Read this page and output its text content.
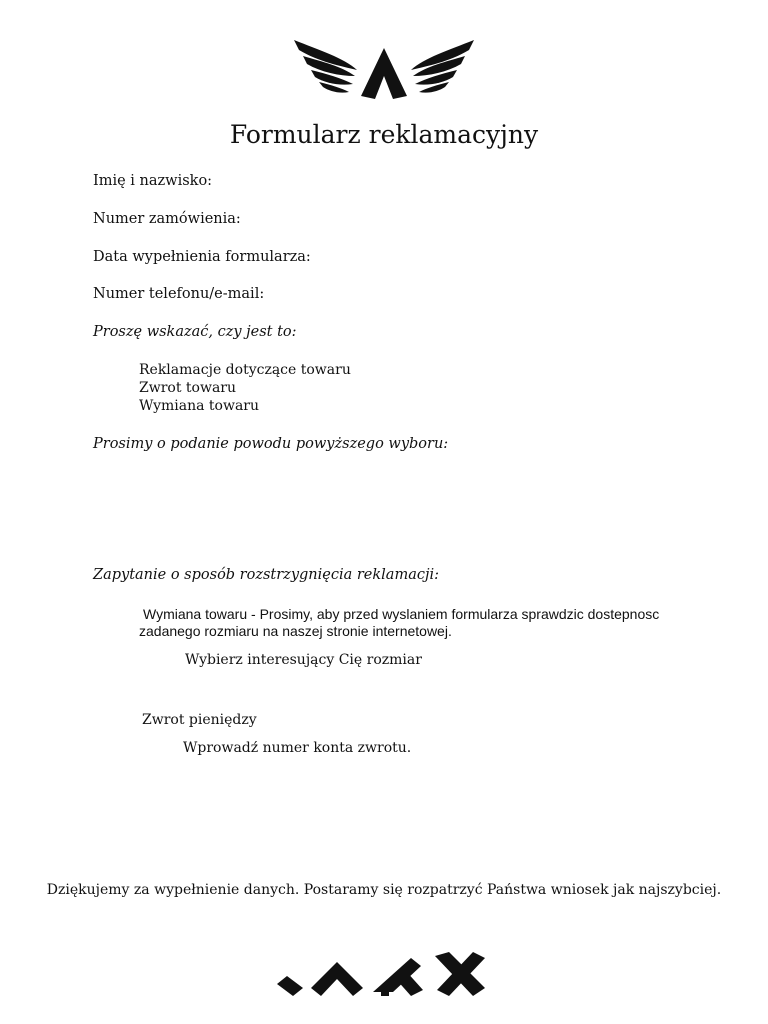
Formularz reklamacyjny
Imię i nazwisko:
Numer zamówienia:
Data wypełnienia formularza:
Numer telefonu/e-mail:
Proszę wskazać, czy jest to:
Reklamacje dotyczące towaru
Zwrot towaru
Wymiana towaru
Prosimy o podanie powodu powyższego wyboru:
Zapytanie o sposób rozstrzygnięcia reklamacji:
Wymiana towaru - Prosimy, aby przed wyslaniem formularza sprawdzic dostepnosc
zadanego rozmiaru na naszej stronie internetowej.
Wybierz interesujący Cię rozmiar
Zwrot pieniędzy
Wprowadź numer konta zwrotu.
Dziękujemy za wypełnienie danych. Postaramy się rozpatrzyć Państwa wniosek jak najszybciej.
